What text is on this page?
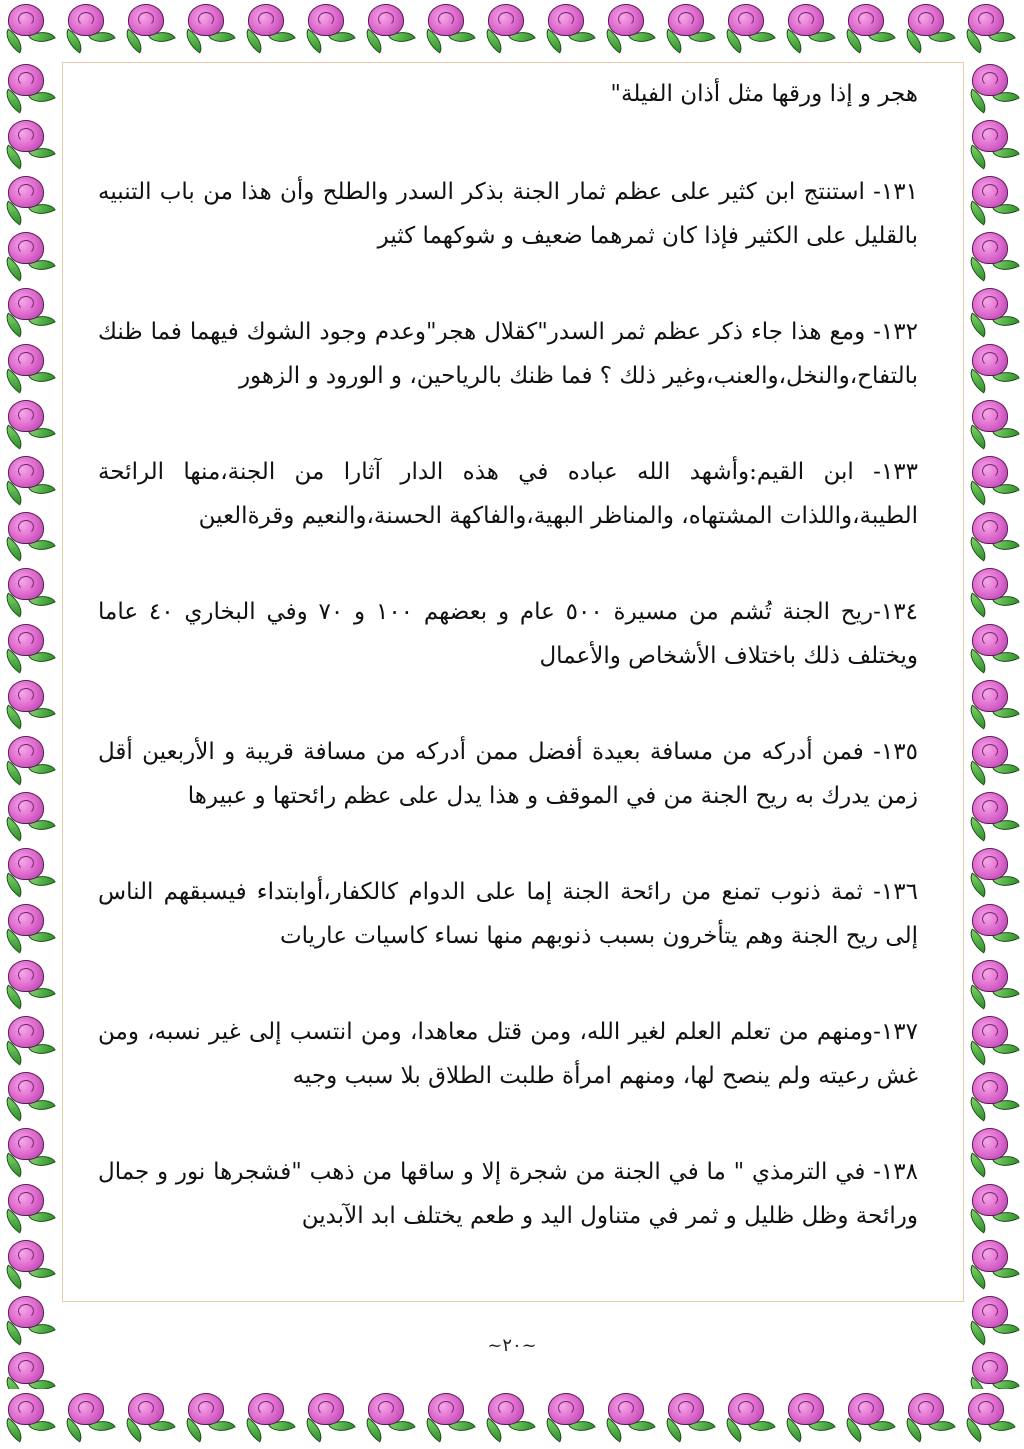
هجر و إذا ورقها مثل أذان الفيلة"

١٣١- استنتج ابن كثير على عظم ثمار الجنة بذكر السدر والطلح وأن هذا من باب التنبيه بالقليل على الكثير فإذا كان ثمرهما ضعيف و شوكهما كثير

١٣٢- ومع هذا جاء ذكر عظم ثمر السدر"كقلال هجر"وعدم وجود الشوك فيهما فما ظنك بالتفاح،والنخل،والعنب،وغير ذلك ؟ فما ظنك بالرياحين، و الورود و الزهور

١٣٣- ابن القيم:وأشهد الله عباده في هذه الدار آثارا من الجنة،منها الرائحة الطيبة،واللذات المشتهاه، والمناظر البهية،والفاكهة الحسنة،والنعيم وقرةالعين

١٣٤-ريح الجنة تُشم من مسيرة ٥٠٠ عام و بعضهم ١٠٠ و ٧٠ وفي البخاري ٤٠ عاما ويختلف ذلك باختلاف الأشخاص والأعمال

١٣٥- فمن أدركه من مسافة بعيدة أفضل ممن أدركه من مسافة قريبة و الأربعين أقل زمن يدرك به ريح الجنة من في الموقف و هذا يدل على عظم رائحتها و عبيرها

١٣٦- ثمة ذنوب تمنع من رائحة الجنة إما على الدوام كالكفار،أوابتداء فيسبقهم الناس إلى ريح الجنة وهم يتأخرون بسبب ذنوبهم منها نساء كاسيات عاريات

١٣٧-ومنهم من تعلم العلم لغير الله، ومن قتل معاهدا، ومن انتسب إلى غير نسبه، ومن غش رعيته ولم ينصح لها، ومنهم امرأة طلبت الطلاق بلا سبب وجيه

١٣٨- في الترمذي " ما في الجنة من شجرة إلا و ساقها من ذهب "فشجرها نور و جمال ورائحة وظل ظليل و ثمر في متناول اليد و طعم يختلف ابد الآبدين

~٢٠~
